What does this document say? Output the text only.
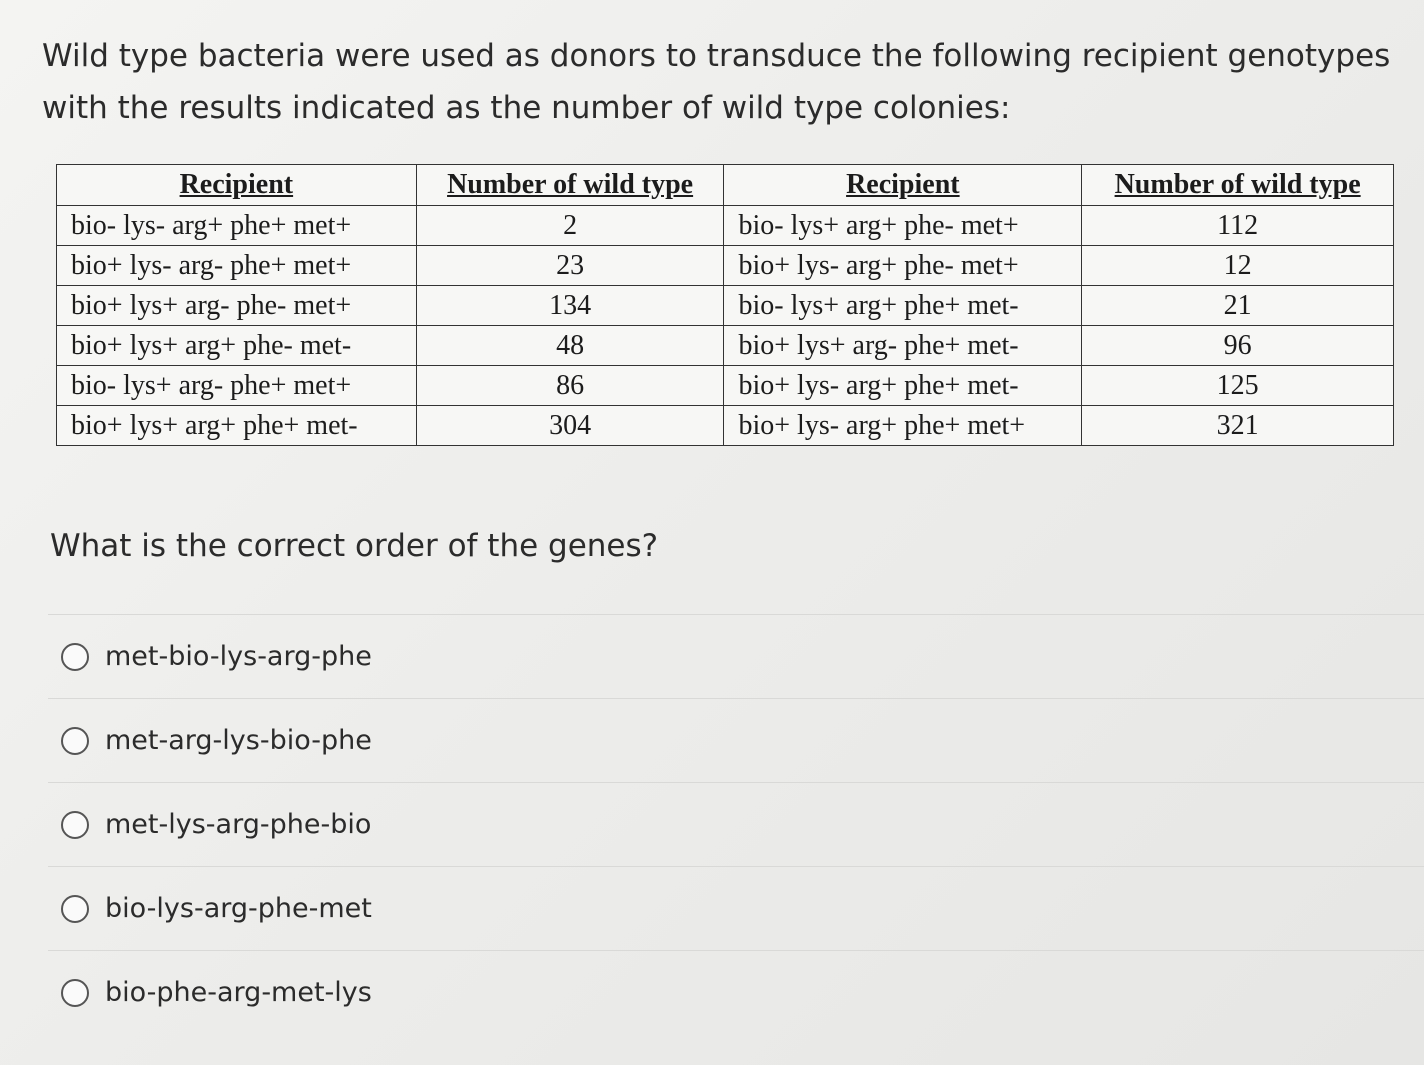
Wild type bacteria were used as donors to transduce the following recipient genotypes with the results indicated as the number of wild type colonies:

Recipient	Number of wild type	Recipient	Number of wild type
bio- lys- arg+ phe+ met+	2	bio- lys+ arg+ phe- met+	112
bio+ lys- arg- phe+ met+	23	bio+ lys- arg+ phe- met+	12
bio+ lys+ arg- phe- met+	134	bio- lys+ arg+ phe+ met-	21
bio+ lys+ arg+ phe- met-	48	bio+ lys+ arg- phe+ met-	96
bio- lys+ arg- phe+ met+	86	bio+ lys- arg+ phe+ met-	125
bio+ lys+ arg+ phe+ met-	304	bio+ lys- arg+ phe+ met+	321

What is the correct order of the genes?

met-bio-lys-arg-phe
met-arg-lys-bio-phe
met-lys-arg-phe-bio
bio-lys-arg-phe-met
bio-phe-arg-met-lys
